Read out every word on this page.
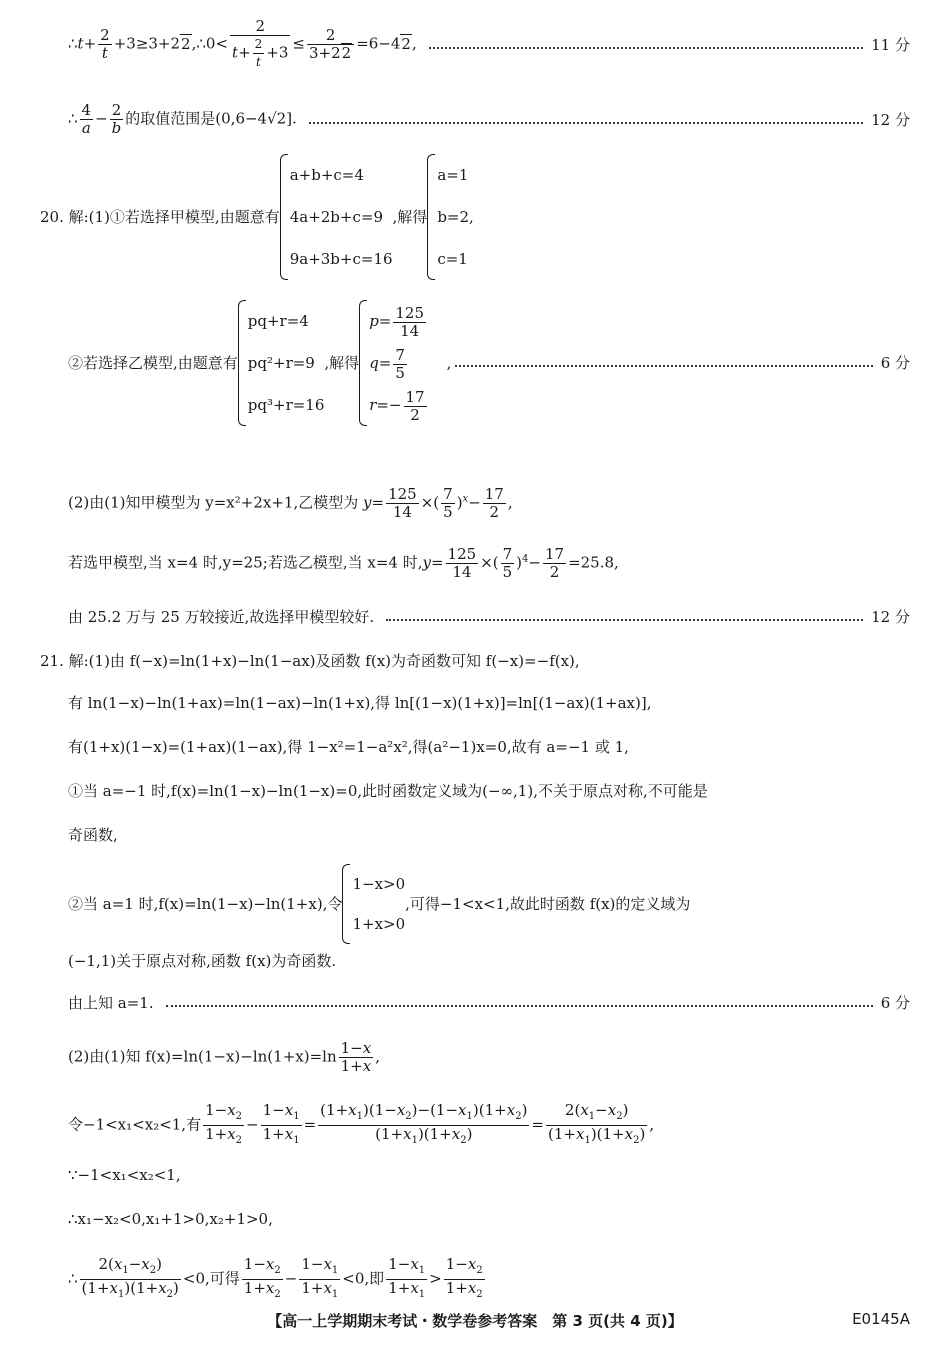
∴t+ $\frac{2}{t}$ +3≥3+22,∴0< $\frac{2}{t+ \frac{2}{t} +3} \le \frac{2}{3+22} =6-42$,	11 分
∴ $\frac{4}{a} - \frac{2}{b}$ 的取值范围是(0,6−4√2].	12 分
20. 解:(1)①若选择甲模型,由题意有
a+b+c=4
4a+2b+c=9
9a+3b+c=16
,解得
a=1
b=2,
c=1
②若选择乙模型,由题意有
pq+r=4
pq²+r=9
pq³+r=16
,解得
$p= \frac{125}{14}$
$q= \frac{7}{5}$
$r=- \frac{17}{2}$
,	6 分
(2)由(1)知甲模型为 y=x²+2x+1,乙模型为 $y= \frac{125}{14}$ ×( $\frac{7}{5} )^x- \frac{17}{2}$ ,
若选甲模型,当 x=4 时,y=25;若选乙模型,当 x=4 时$,y= \frac{125}{14}$ ×( $\frac{7}{5} )^4- \frac{17}{2} =25.8$,
由 25.2 万与 25 万较接近,故选择甲模型较好.	12 分
21. 解:(1)由 f(−x)=ln(1+x)−ln(1−ax)及函数 f(x)为奇函数可知 f(−x)=−f(x),
有 ln(1−x)−ln(1+ax)=ln(1−ax)−ln(1+x),得 ln[(1−x)(1+x)]=ln[(1−ax)(1+ax)],
有(1+x)(1−x)=(1+ax)(1−ax),得 1−x²=1−a²x²,得(a²−1)x=0,故有 a=−1 或 1,
①当 a=−1 时,f(x)=ln(1−x)−ln(1−x)=0,此时函数定义域为(−∞,1),不关于原点对称,不可能是
奇函数,
②当 a=1 时,f(x)=ln(1−x)−ln(1+x),令
1−x>0
1+x>0
,可得−1<x<1,故此时函数 f(x)的定义域为
(−1,1)关于原点对称,函数 f(x)为奇函数.
由上知 a=1.	6 分
(2)由(1)知 $f(x)=\ln(1-x)-\ln(1+x)=\ln \frac{1-x}{1+x}$ ,
令−1<x₁<x₂<1,有 $\frac{1-x_2}{1+x_2} - \frac{1-x_1}{1+x_1} = \frac{(1+x_1)(1-x_2)-(1-x_1)(1+x_2)}{(1+x_1)(1+x_2)} = \frac{2(x_1-x_2)}{(1+x_1)(1+x_2)}$ ,
∵−1<x₁<x₂<1,
∴x₁−x₂<0,x₁+1>0,x₂+1>0,
∴ $\frac{2(x_1-x_2)}{(1+x_1)(1+x_2)} <0$,可得 $\frac{1-x_2}{1+x_2} - \frac{1-x_1}{1+x_1} <0$,即 $\frac{1-x_1}{1+x_1} > \frac{1-x_2}{1+x_2}$
【高一上学期期末考试・数学卷参考答案　第 3 页(共 4 页)】	E0145A
